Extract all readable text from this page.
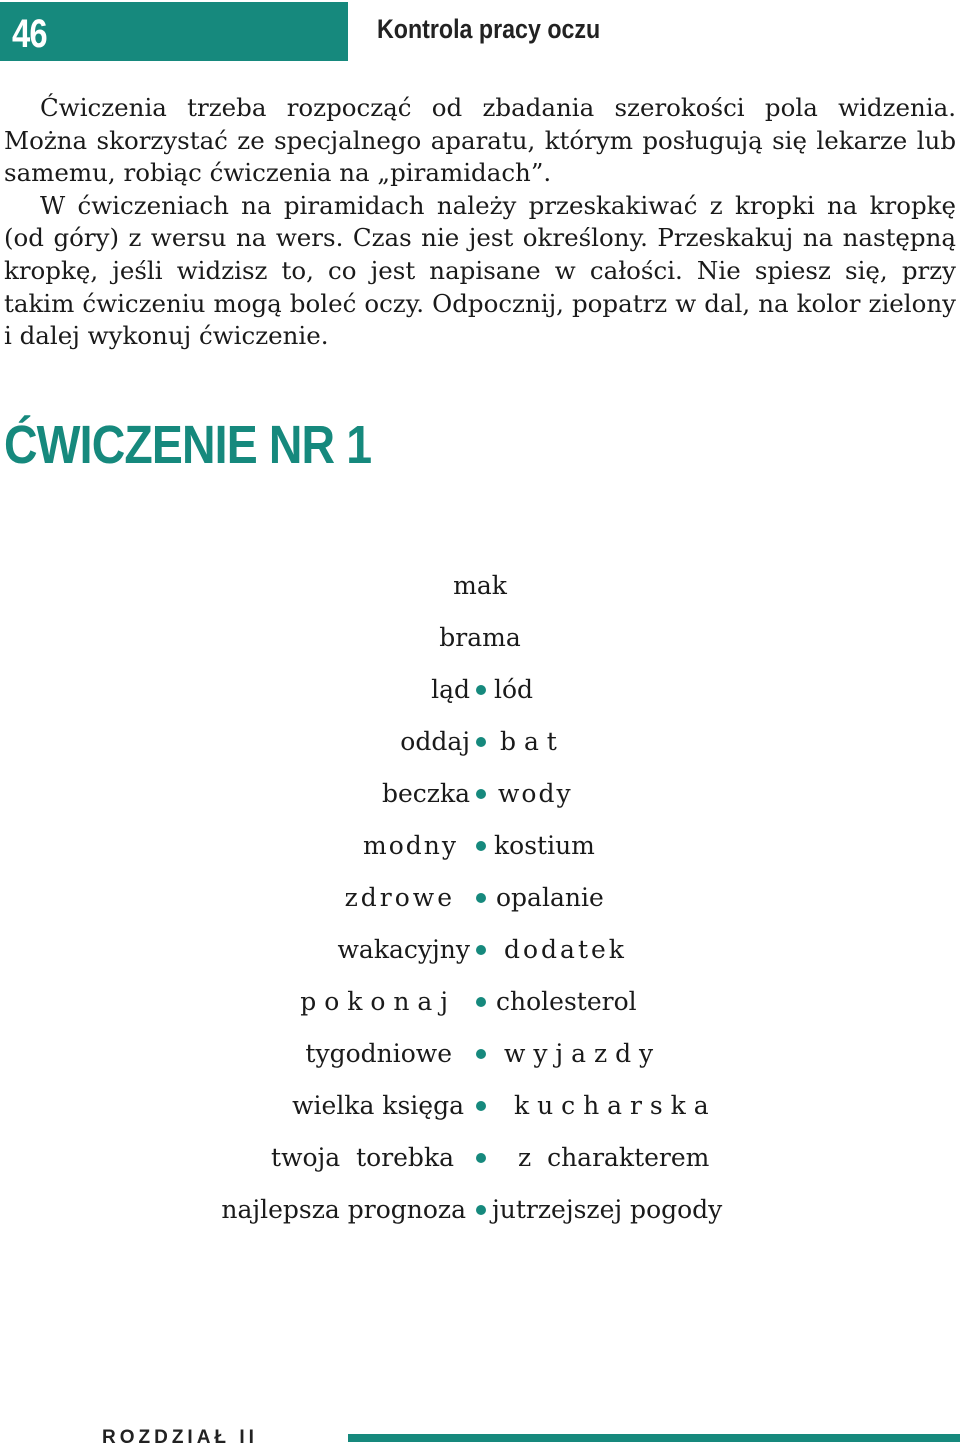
46	Kontrola pracy oczu

Ćwiczenia trzeba rozpocząć od zbadania szerokości pola widzenia. Można skorzystać ze specjalnego aparatu, którym posługują się lekarze lub samemu, robiąc ćwiczenia na „piramidach”.

W ćwiczeniach na piramidach należy przeskakiwać z kropki na kropkę (od góry) z wersu na wers. Czas nie jest określony. Przeskakuj na następną kropkę, jeśli widzisz to, co jest napisane w całości. Nie spiesz się, przy takim ćwiczeniu mogą boleć oczy. Odpocznij, popatrz w dal, na kolor zielony i dalej wykonuj ćwiczenie.

ĆWICZENIE NR 1
mak
brama
ląd lód
oddaj b a t
beczka wody
modny kostium
zdrowe opalanie
wakacyjny dodatek
p o k o n a j cholesterol
tygodniowe w y j a z d y
wielka księga k u c h a r s k a
twoja  torebka	z  charakterem
najlepsza prognoza jutrzejszej pogody
ROZDZIAŁ II
